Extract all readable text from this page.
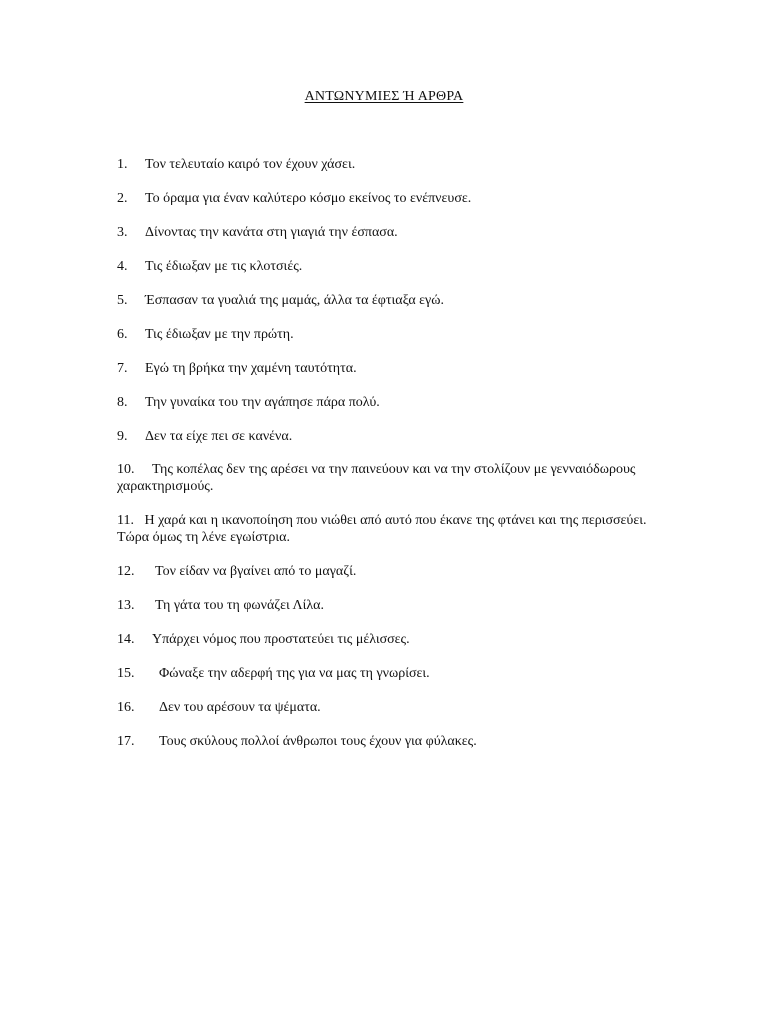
ΑΝΤΩΝΥΜΙΕΣ Ή ΑΡΘΡΑ
1. Τον τελευταίο καιρό τον έχουν χάσει.
2. Το όραμα για έναν καλύτερο κόσμο εκείνος το ενέπνευσε.
3. Δίνοντας την κανάτα στη γιαγιά την έσπασα.
4. Τις έδιωξαν με τις κλοτσιές.
5. Έσπασαν τα γυαλιά της μαμάς, άλλα τα έφτιαξα εγώ.
6. Τις έδιωξαν με την πρώτη.
7. Εγώ τη βρήκα την χαμένη ταυτότητα.
8. Την γυναίκα του την αγάπησε πάρα πολύ.
9. Δεν τα είχε πει σε κανένα.
10. Της κοπέλας δεν της αρέσει να την παινεύουν και να την στολίζουν με γενναιόδωρους χαρακτηρισμούς.
11. Η χαρά και η ικανοποίηση που νιώθει από αυτό που έκανε της φτάνει και της περισσεύει. Τώρα όμως τη λένε εγωίστρια.
12. Τον είδαν να βγαίνει από το μαγαζί.
13. Τη γάτα του τη φωνάζει Λίλα.
14. Υπάρχει νόμος που προστατεύει τις μέλισσες.
15. Φώναξε την αδερφή της για να μας τη γνωρίσει.
16. Δεν του αρέσουν τα ψέματα.
17. Τους σκύλους πολλοί άνθρωποι τους έχουν για φύλακες.
